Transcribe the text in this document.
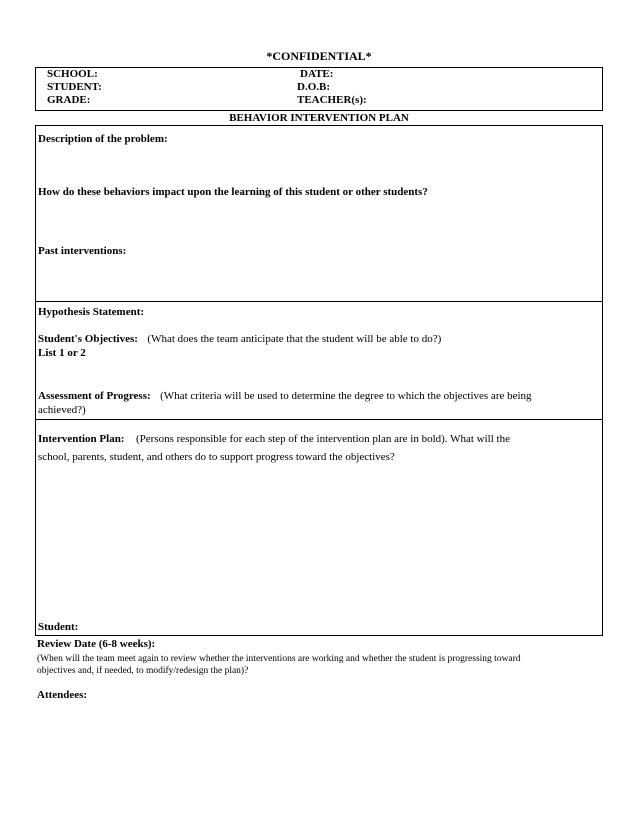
*CONFIDENTIAL*
SCHOOL:
STUDENT:
GRADE:
DATE:
D.O.B:
TEACHER(s):
BEHAVIOR INTERVENTION PLAN
Description of the problem:
How do these behaviors impact upon the learning of this student or other students?
Past interventions:
Hypothesis Statement:
Student's Objectives: (What does the team anticipate that the student will be able to do?)
List 1 or 2
Assessment of Progress: (What criteria will be used to determine the degree to which the objectives are being
achieved?)
Intervention Plan: (Persons responsible for each step of the intervention plan are in bold). What will the
school, parents, student, and others do to support progress toward the objectives?
Student:
Review Date (6-8 weeks):
(When will the team meet again to review whether the interventions are working and whether the student is progressing toward
objectives and, if needed, to modify/redesign the plan)?
Attendees:
